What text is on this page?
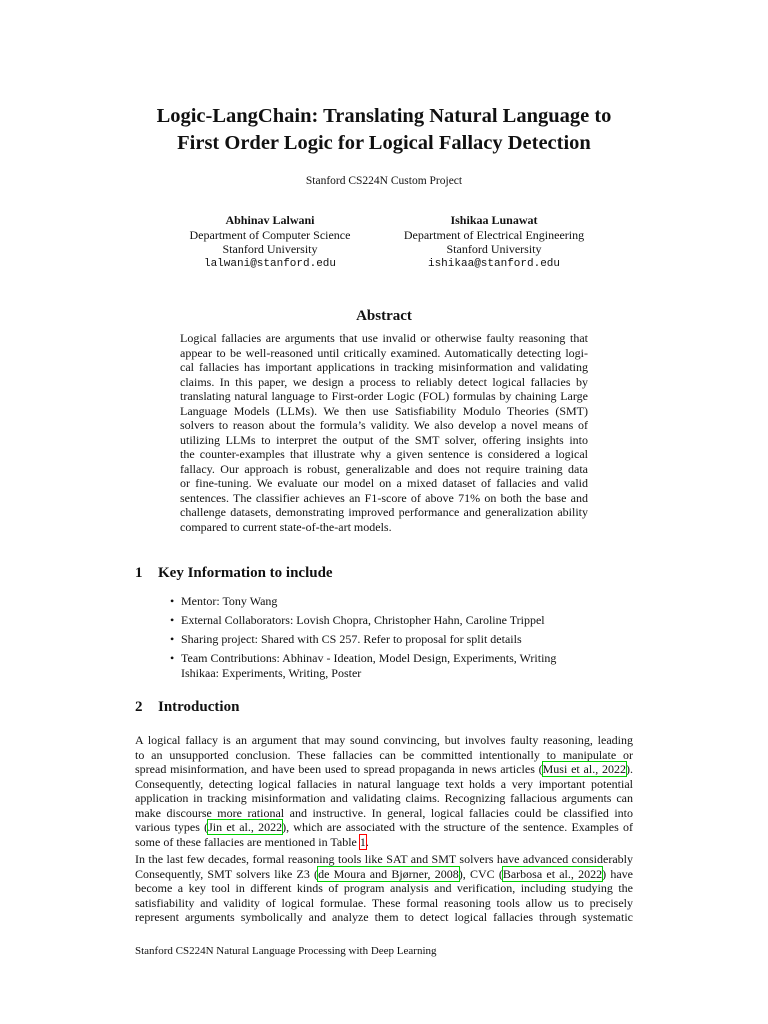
Logic-LangChain: Translating Natural Language to
First Order Logic for Logical Fallacy Detection
Stanford CS224N Custom Project
Abhinav Lalwani
Department of Computer Science
Stanford University
lalwani@stanford.edu
Ishikaa Lunawat
Department of Electrical Engineering
Stanford University
ishikaa@stanford.edu
Abstract
Logical fallacies are arguments that use invalid or otherwise faulty reasoning that
appear to be well-reasoned until critically examined. Automatically detecting logi-
cal fallacies has important applications in tracking misinformation and validating
claims. In this paper, we design a process to reliably detect logical fallacies by
translating natural language to First-order Logic (FOL) formulas by chaining Large
Language Models (LLMs). We then use Satisfiability Modulo Theories (SMT)
solvers to reason about the formula’s validity. We also develop a novel means of
utilizing LLMs to interpret the output of the SMT solver, offering insights into
the counter-examples that illustrate why a given sentence is considered a logical
fallacy. Our approach is robust, generalizable and does not require training data
or fine-tuning. We evaluate our model on a mixed dataset of fallacies and valid
sentences. The classifier achieves an F1-score of above 71% on both the base and
challenge datasets, demonstrating improved performance and generalization ability
compared to current state-of-the-art models.
1 Key Information to include
• Mentor: Tony Wang
• External Collaborators: Lovish Chopra, Christopher Hahn, Caroline Trippel
• Sharing project: Shared with CS 257. Refer to proposal for split details
• Team Contributions: Abhinav - Ideation, Model Design, Experiments, Writing
Ishikaa: Experiments, Writing, Poster
2 Introduction
A logical fallacy is an argument that may sound convincing, but involves faulty reasoning, leading
to an unsupported conclusion. These fallacies can be committed intentionally to manipulate or
spread misinformation, and have been used to spread propaganda in news articles (Musi et al., 2022).
Consequently, detecting logical fallacies in natural language text holds a very important potential
application in tracking misinformation and validating claims. Recognizing fallacious arguments can
make discourse more rational and instructive. In general, logical fallacies could be classified into
various types (Jin et al., 2022), which are associated with the structure of the sentence. Examples of
some of these fallacies are mentioned in Table 1.
In the last few decades, formal reasoning tools like SAT and SMT solvers have advanced considerably
Consequently, SMT solvers like Z3 (de Moura and Bjørner, 2008), CVC (Barbosa et al., 2022) have
become a key tool in different kinds of program analysis and verification, including studying the
satisfiability and validity of logical formulae. These formal reasoning tools allow us to precisely
represent arguments symbolically and analyze them to detect logical fallacies through systematic
Stanford CS224N Natural Language Processing with Deep Learning
